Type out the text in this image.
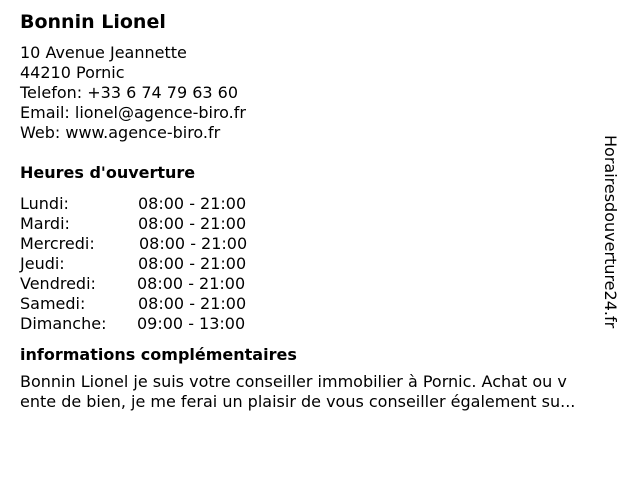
Bonnin Lionel
10 Avenue Jeannette
44210 Pornic
Telefon: +33 6 74 79 63 60
Email: lionel@agence-biro.fr
Web: www.agence-biro.fr
Heures d'ouverture
Lundi:	08:00 - 21:00
Mardi:	08:00 - 21:00
Mercredi:	08:00 - 21:00
Jeudi:	08:00 - 21:00
Vendredi:	08:00 - 21:00
Samedi:	08:00 - 21:00
Dimanche:	09:00 - 13:00
informations complémentaires
Bonnin Lionel je suis votre conseiller immobilier à Pornic. Achat ou v
ente de bien, je me ferai un plaisir de vous conseiller également su...
Horairesdouverture24.fr
